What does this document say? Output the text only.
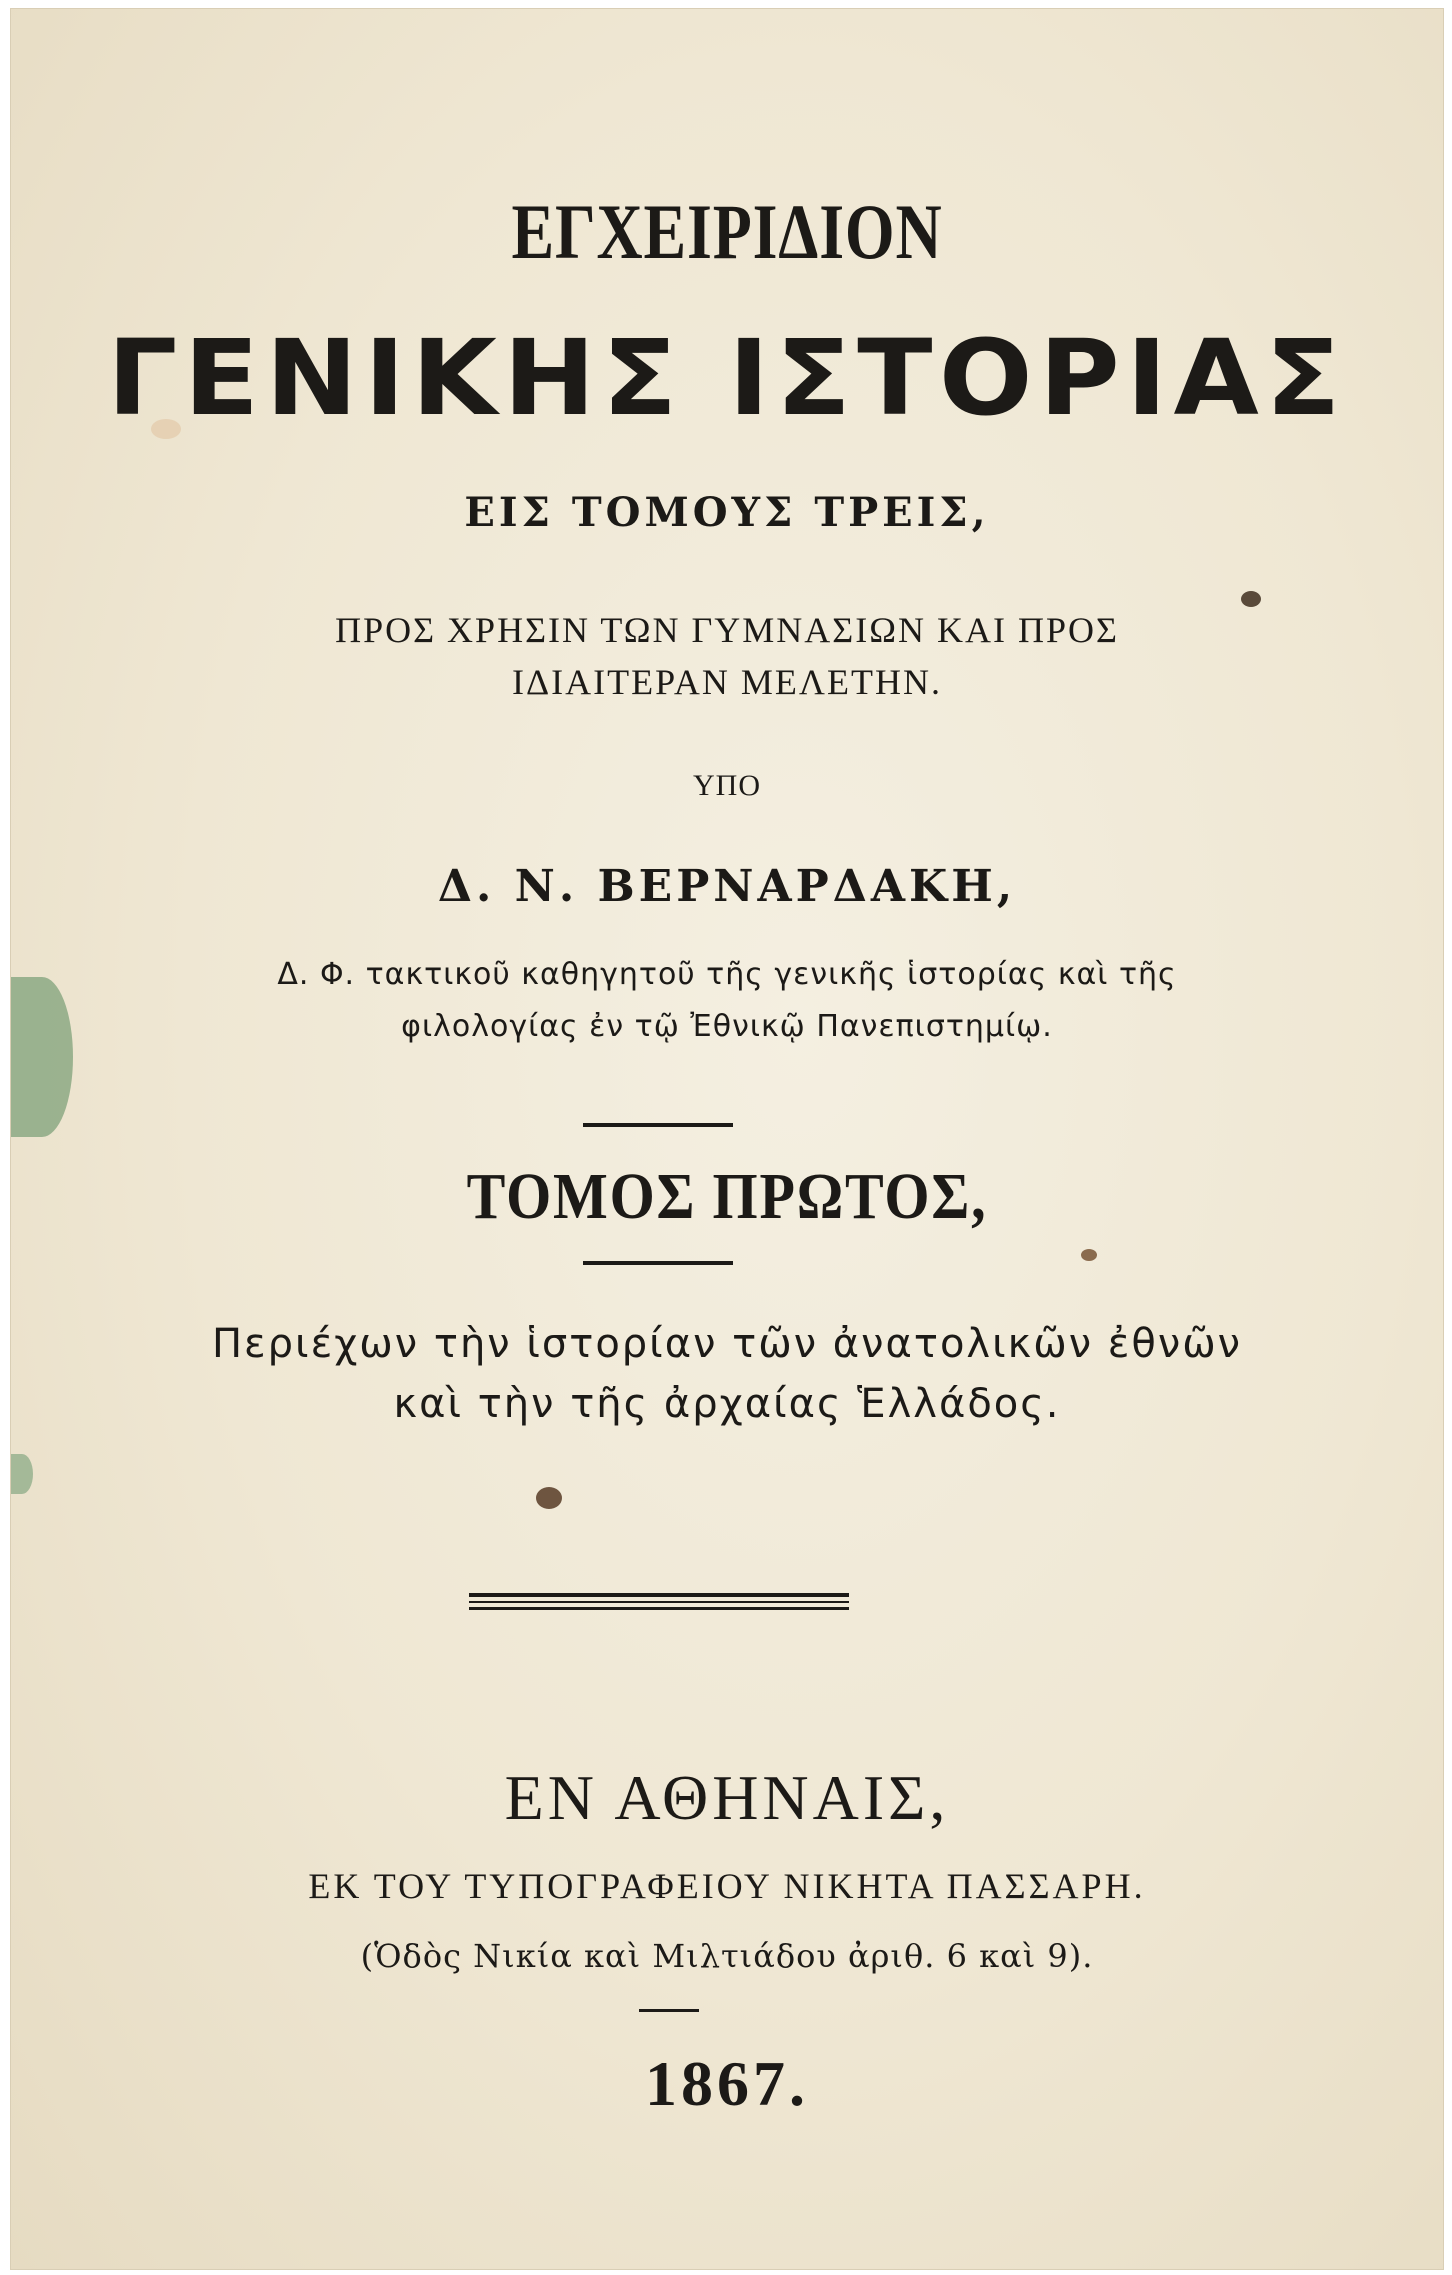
ΕΓΧΕΙΡΙΔΙΟΝ
ΓΕΝΙΚΗΣ ΙΣΤΟΡΙΑΣ
ΕΙΣ ΤΟΜΟΥΣ ΤΡΕΙΣ,
ΠΡΟΣ ΧΡΗΣΙΝ ΤΩΝ ΓΥΜΝΑΣΙΩΝ ΚΑΙ ΠΡΟΣ
ΙΔΙΑΙΤΕΡΑΝ ΜΕΛΕΤΗΝ.
ΥΠΟ
Δ. Ν. ΒΕΡΝΑΡΔΑΚΗ,
Δ. Φ. τακτικοῦ καθηγητοῦ τῆς γενικῆς ἱστορίας καὶ τῆς
φιλολογίας ἐν τῷ Ἐθνικῷ Πανεπιστημίῳ.
ΤΟΜΟΣ ΠΡΩΤΟΣ,
Περιέχων τὴν ἱστορίαν τῶν ἀνατολικῶν ἐθνῶν
καὶ τὴν τῆς ἀρχαίας Ἑλλάδος.
ΕΝ ΑΘΗΝΑΙΣ,
ΕΚ ΤΟΥ ΤΥΠΟΓΡΑΦΕΙΟΥ ΝΙΚΗΤΑ ΠΑΣΣΑΡΗ.
(Ὁδὸς Νικία καὶ Μιλτιάδου ἀριθ. 6 καὶ 9).
1867.
